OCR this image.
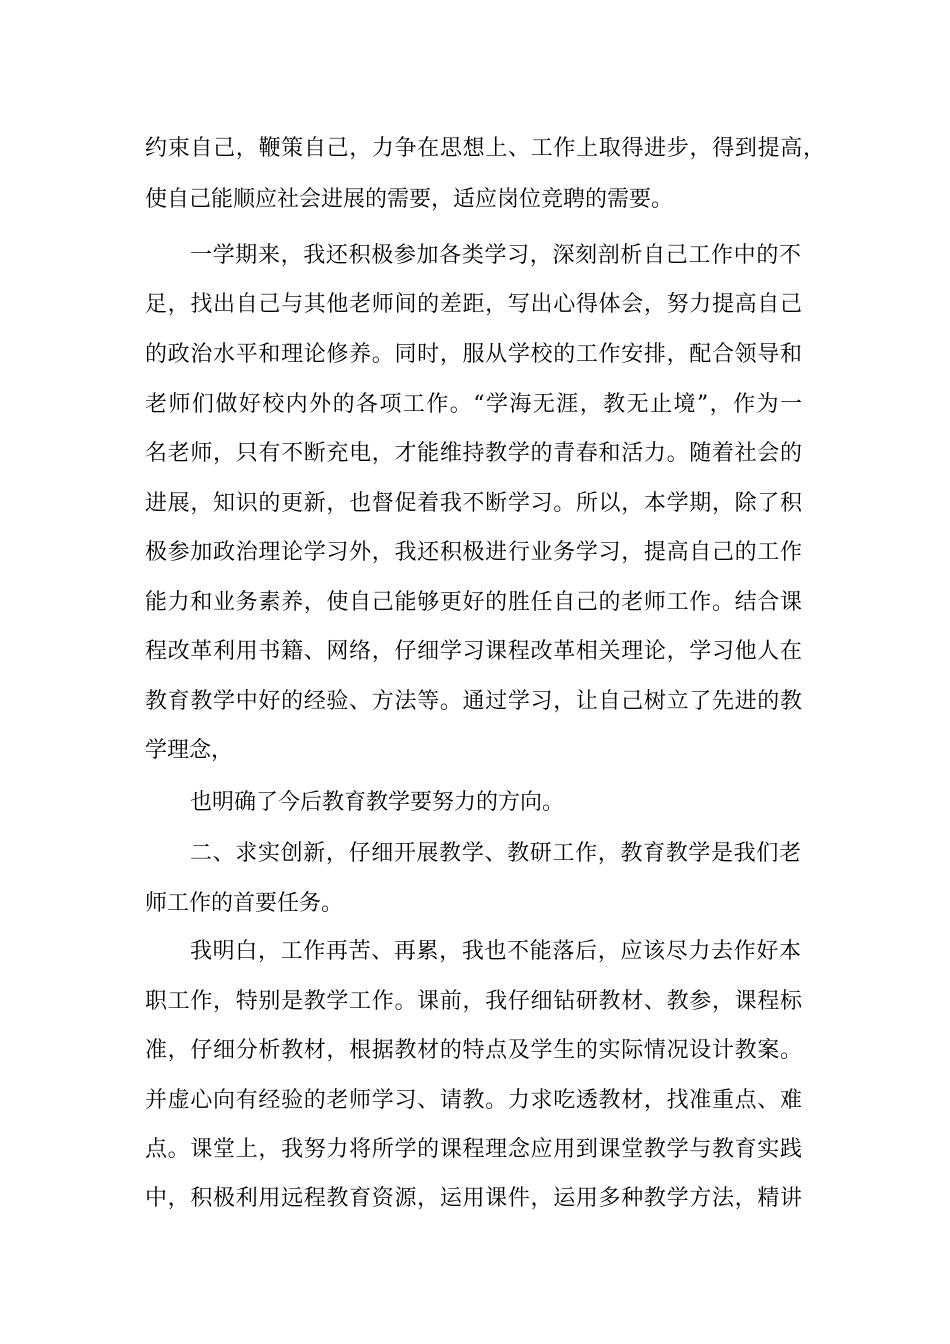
约束自己，鞭策自己，力争在思想上、工作上取得进步，得到提高，
使自己能顺应社会进展的需要，适应岗位竞聘的需要。
一学期来，我还积极参加各类学习，深刻剖析自己工作中的不
足，找出自己与其他老师间的差距，写出心得体会，努力提高自己
的政治水平和理论修养。同时，服从学校的工作安排，配合领导和
老师们做好校内外的各项工作。“学海无涯，教无止境”，作为一
名老师，只有不断充电，才能维持教学的青春和活力。随着社会的
进展，知识的更新，也督促着我不断学习。所以，本学期，除了积
极参加政治理论学习外，我还积极进行业务学习，提高自己的工作
能力和业务素养，使自己能够更好的胜任自己的老师工作。结合课
程改革利用书籍、网络，仔细学习课程改革相关理论，学习他人在
教育教学中好的经验、方法等。通过学习，让自己树立了先进的教
学理念，
也明确了今后教育教学要努力的方向。
二、求实创新，仔细开展教学、教研工作，教育教学是我们老
师工作的首要任务。
我明白，工作再苦、再累，我也不能落后，应该尽力去作好本
职工作，特别是教学工作。课前，我仔细钻研教材、教参，课程标
准，仔细分析教材，根据教材的特点及学生的实际情况设计教案。
并虚心向有经验的老师学习、请教。力求吃透教材，找准重点、难
点。课堂上，我努力将所学的课程理念应用到课堂教学与教育实践
中，积极利用远程教育资源，运用课件，运用多种教学方法，精讲
